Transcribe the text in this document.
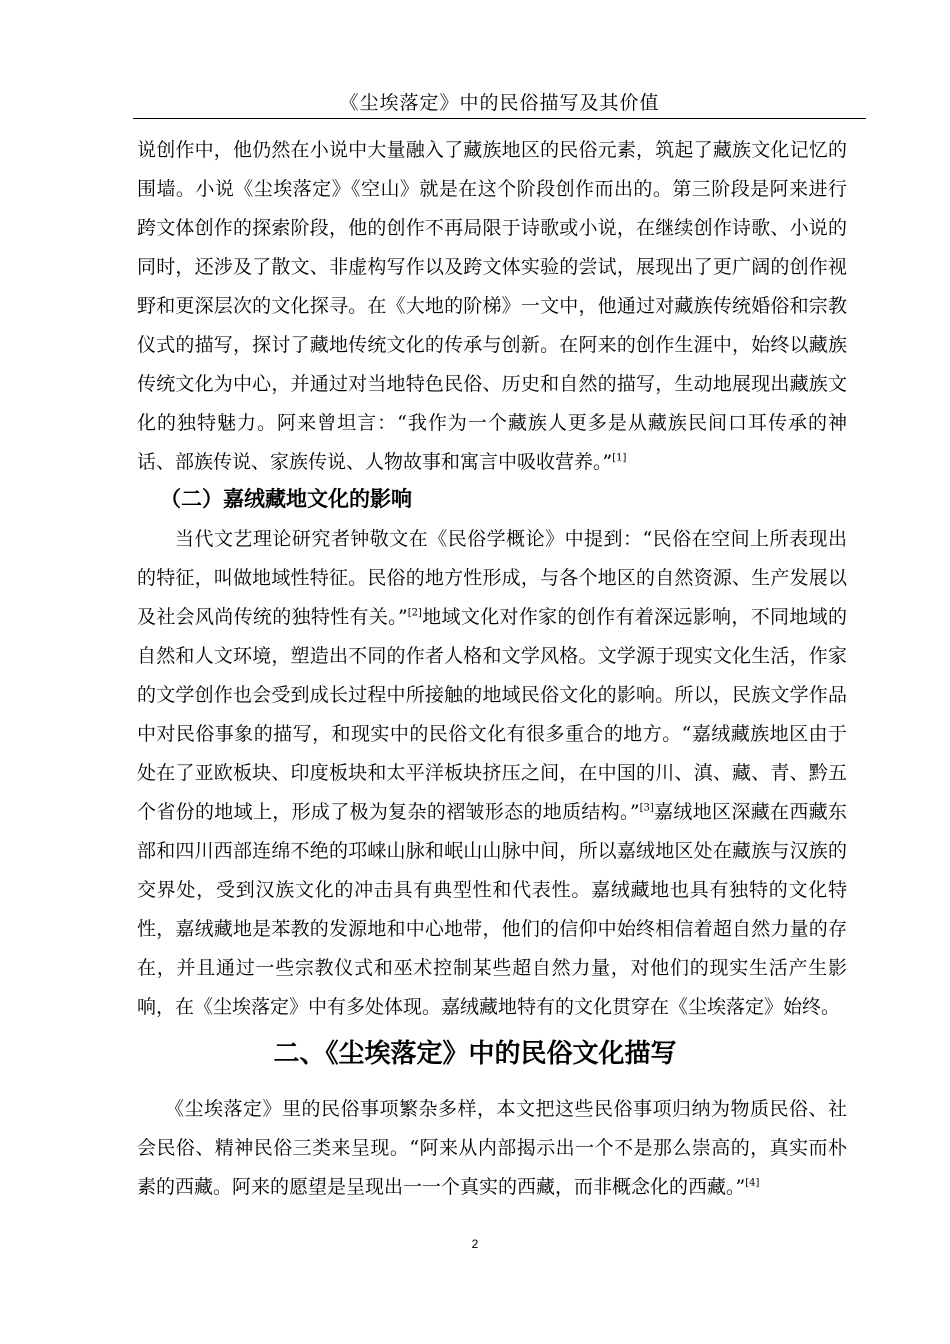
《尘埃落定》中的民俗描写及其价值

说创作中，他仍然在小说中大量融入了藏族地区的民俗元素，筑起了藏族文化记忆的围墙。小说《尘埃落定》《空山》就是在这个阶段创作而出的。第三阶段是阿来进行跨文体创作的探索阶段，他的创作不再局限于诗歌或小说，在继续创作诗歌、小说的同时，还涉及了散文、非虚构写作以及跨文体实验的尝试，展现出了更广阔的创作视野和更深层次的文化探寻。在《大地的阶梯》一文中，他通过对藏族传统婚俗和宗教仪式的描写，探讨了藏地传统文化的传承与创新。在阿来的创作生涯中，始终以藏族传统文化为中心，并通过对当地特色民俗、历史和自然的描写，生动地展现出藏族文化的独特魅力。阿来曾坦言：“我作为一个藏族人更多是从藏族民间口耳传承的神话、部族传说、家族传说、人物故事和寓言中吸收营养。”[1]

（二）嘉绒藏地文化的影响

当代文艺理论研究者钟敬文在《民俗学概论》中提到：“民俗在空间上所表现出的特征，叫做地域性特征。民俗的地方性形成，与各个地区的自然资源、生产发展以及社会风尚传统的独特性有关。”[2]地域文化对作家的创作有着深远影响，不同地域的自然和人文环境，塑造出不同的作者人格和文学风格。文学源于现实文化生活，作家的文学创作也会受到成长过程中所接触的地域民俗文化的影响。所以，民族文学作品中对民俗事象的描写，和现实中的民俗文化有很多重合的地方。“嘉绒藏族地区由于处在了亚欧板块、印度板块和太平洋板块挤压之间，在中国的川、滇、藏、青、黔五个省份的地域上，形成了极为复杂的褶皱形态的地质结构。”[3]嘉绒地区深藏在西藏东部和四川西部连绵不绝的邛崃山脉和岷山山脉中间，所以嘉绒地区处在藏族与汉族的交界处，受到汉族文化的冲击具有典型性和代表性。嘉绒藏地也具有独特的文化特性，嘉绒藏地是苯教的发源地和中心地带，他们的信仰中始终相信着超自然力量的存在，并且通过一些宗教仪式和巫术控制某些超自然力量，对他们的现实生活产生影响，在《尘埃落定》中有多处体现。嘉绒藏地特有的文化贯穿在《尘埃落定》始终。

二、《尘埃落定》中的民俗文化描写

《尘埃落定》里的民俗事项繁杂多样，本文把这些民俗事项归纳为物质民俗、社会民俗、精神民俗三类来呈现。“阿来从内部揭示出一个不是那么崇高的，真实而朴素的西藏。阿来的愿望是呈现出一一个真实的西藏，而非概念化的西藏。”[4]

2
